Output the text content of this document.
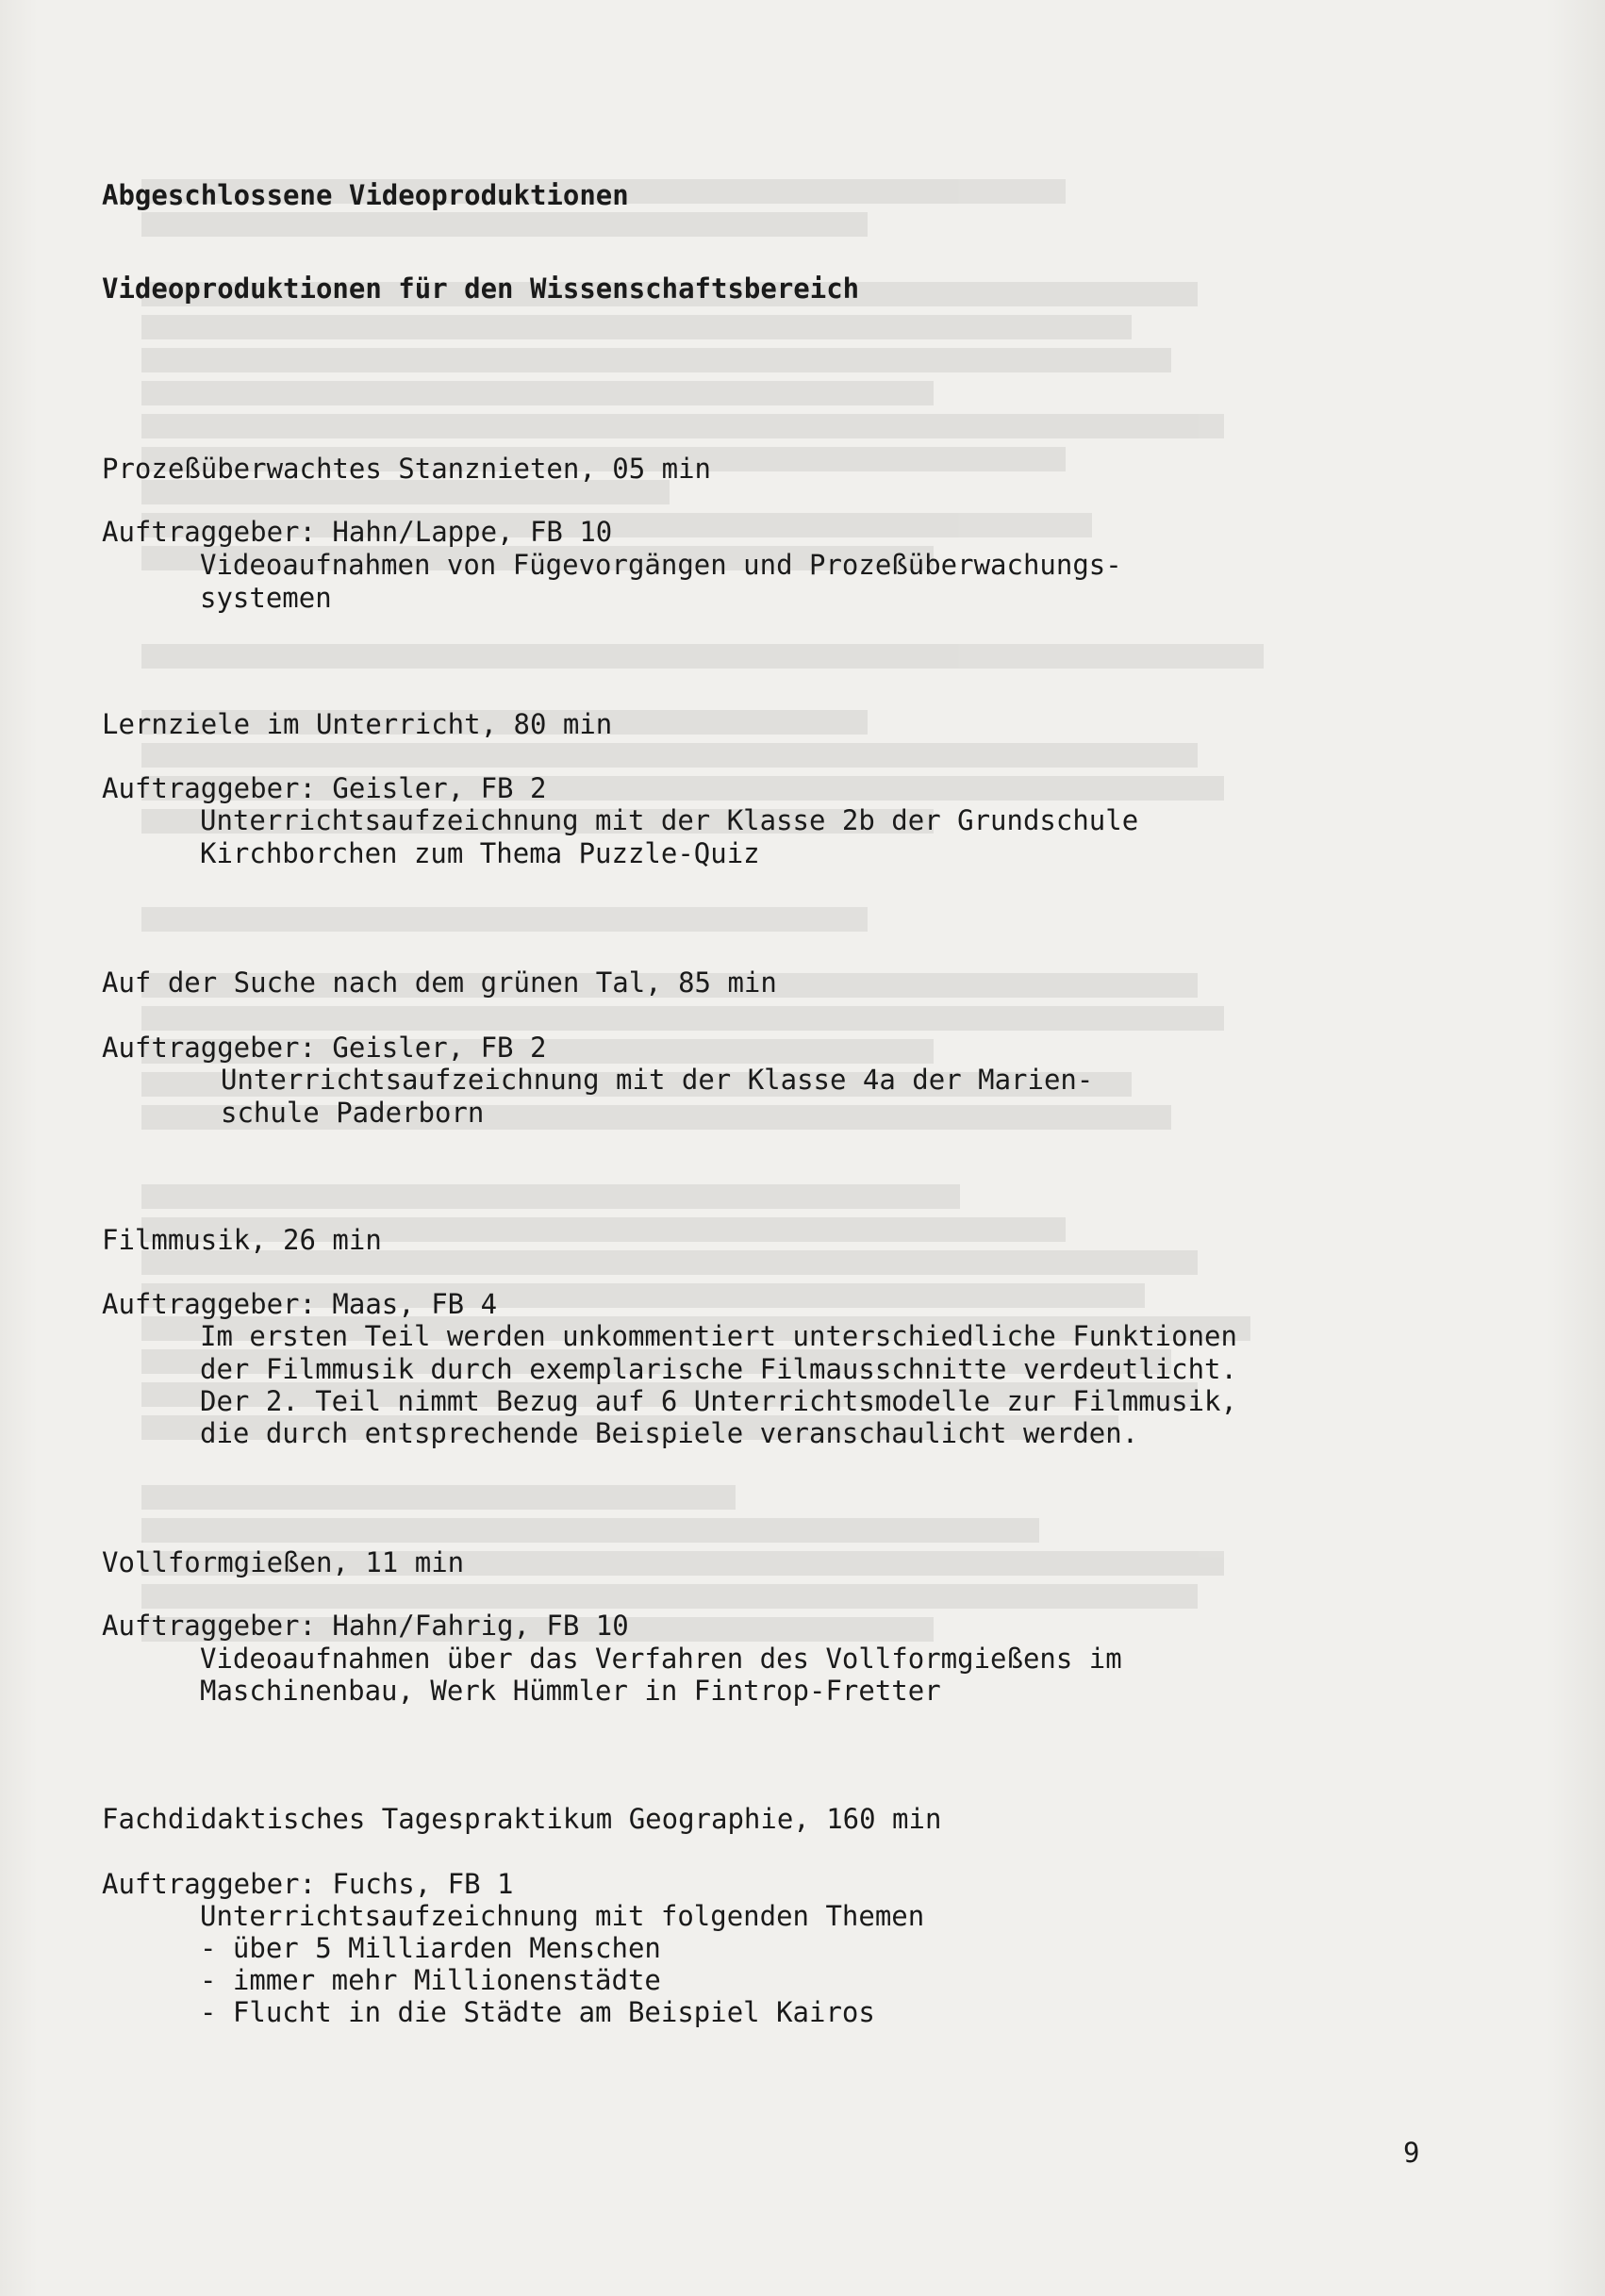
Abgeschlossene Videoproduktionen
Videoproduktionen für den Wissenschaftsbereich
Prozeßüberwachtes Stanznieten, 05 min
Auftraggeber: Hahn/Lappe, FB 10
Videoaufnahmen von Fügevorgängen und Prozeßüberwachungs-
systemen
Lernziele im Unterricht, 80 min
Auftraggeber: Geisler, FB 2
Unterrichtsaufzeichnung mit der Klasse 2b der Grundschule
Kirchborchen zum Thema Puzzle-Quiz
Auf der Suche nach dem grünen Tal, 85 min
Auftraggeber: Geisler, FB 2
Unterrichtsaufzeichnung mit der Klasse 4a der Marien-
schule Paderborn
Filmmusik, 26 min
Auftraggeber: Maas, FB 4
Im ersten Teil werden unkommentiert unterschiedliche Funktionen
der Filmmusik durch exemplarische Filmausschnitte verdeutlicht.
Der 2. Teil nimmt Bezug auf 6 Unterrichtsmodelle zur Filmmusik,
die durch entsprechende Beispiele veranschaulicht werden.
Vollformgießen, 11 min
Auftraggeber: Hahn/Fahrig, FB 10
Videoaufnahmen über das Verfahren des Vollformgießens im
Maschinenbau, Werk Hümmler in Fintrop-Fretter
Fachdidaktisches Tagespraktikum Geographie, 160 min
Auftraggeber: Fuchs, FB 1
Unterrichtsaufzeichnung mit folgenden Themen
- über 5 Milliarden Menschen
- immer mehr Millionenstädte
- Flucht in die Städte am Beispiel Kairos
9
